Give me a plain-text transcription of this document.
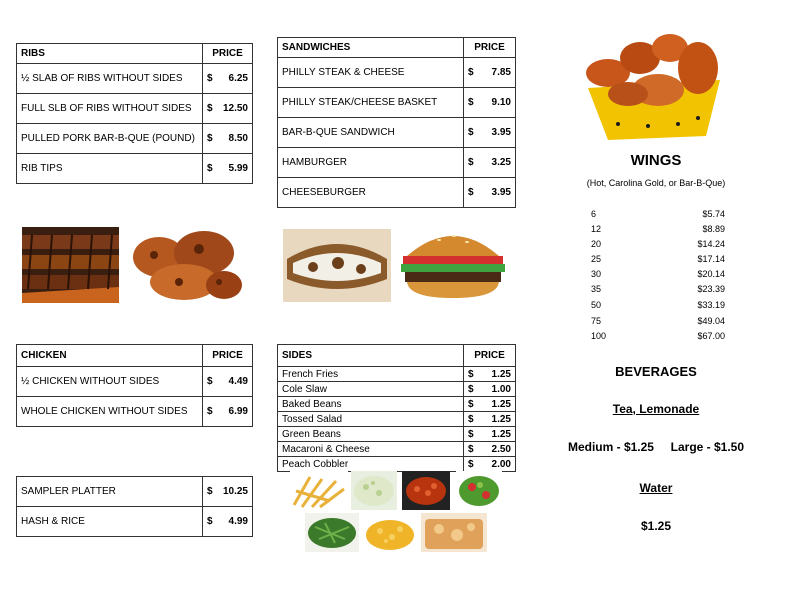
RIBS	PRICE
½ SLAB OF RIBS WITHOUT SIDES	$ 6.25

FULL SLB OF RIBS WITHOUT SIDES	$ 12.50

PULLED PORK BAR-B-QUE (POUND)	$ 8.50

RIB TIPS	$ 5.99
SANDWICHES	PRICE
PHILLY STEAK & CHEESE	$ 7.85

PHILLY STEAK/CHEESE BASKET	$ 9.10

BAR-B-QUE SANDWICH	$ 3.95

HAMBURGER	$ 3.25

CHEESEBURGER	$ 3.95
CHICKEN	PRICE
½ CHICKEN WITHOUT SIDES	$ 4.49

WHOLE CHICKEN WITHOUT SIDES	$ 6.99
SIDES	PRICE
French Fries	$ 1.25

Cole Slaw	$ 1.00

Baked Beans	$ 1.25

Tossed Salad	$ 1.25

Green Beans	$ 1.25

Macaroni & Cheese	$ 2.50

Peach Cobbler	$ 2.00
SAMPLER PLATTER	$ 10.25

HASH & RICE	$ 4.99
WINGS
(Hot, Carolina Gold, or Bar-B-Que)
6	$5.74
12	$8.89
20	$14.24
25	$17.14
30	$20.14
35	$23.39
50	$33.19
75	$49.04
100	$67.00
BEVERAGES
Tea, Lemonade
Medium - $1.25     Large - $1.50
Water
$1.25
